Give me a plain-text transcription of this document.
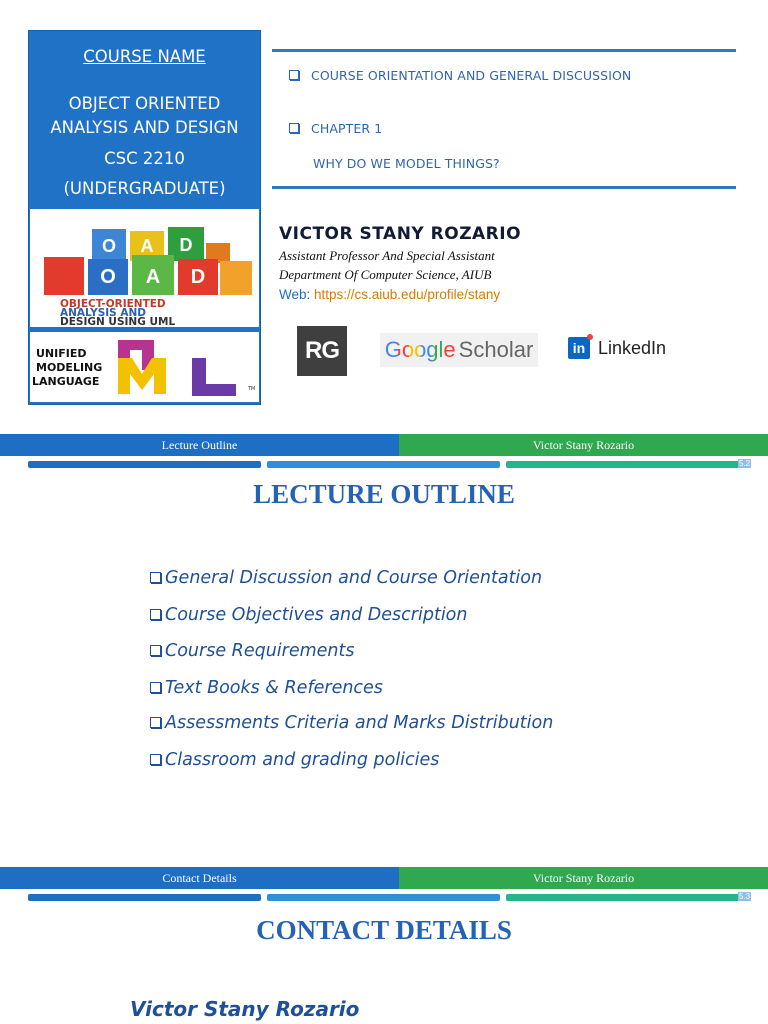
COURSE NAME
OBJECT ORIENTED
ANALYSIS AND DESIGN
CSC 2210
(UNDERGRADUATE)
O	D
O A D
A
OBJECT-ORIENTED
ANALYSIS AND
DESIGN USING UML
UNIFIED
MODELING
LANGUAGE
TM
COURSE ORIENTATION AND GENERAL DISCUSSION
CHAPTER 1
WHY DO WE MODEL THINGS?
VICTOR STANY ROZARIO
Assistant Professor And Special Assistant
Department Of Computer Science, AIUB
Web: https://cs.aiub.edu/profile/stany
RG	Google Scholar	in LinkedIn
Lecture Outline	Victor Stany Rozario
5.2
LECTURE OUTLINE
General Discussion and Course Orientation
Course Objectives and Description
Course Requirements
Text Books & References
Assessments Criteria and Marks Distribution
Classroom and grading policies
Contact Details	Victor Stany Rozario
5.3
CONTACT DETAILS
Victor Stany Rozario
